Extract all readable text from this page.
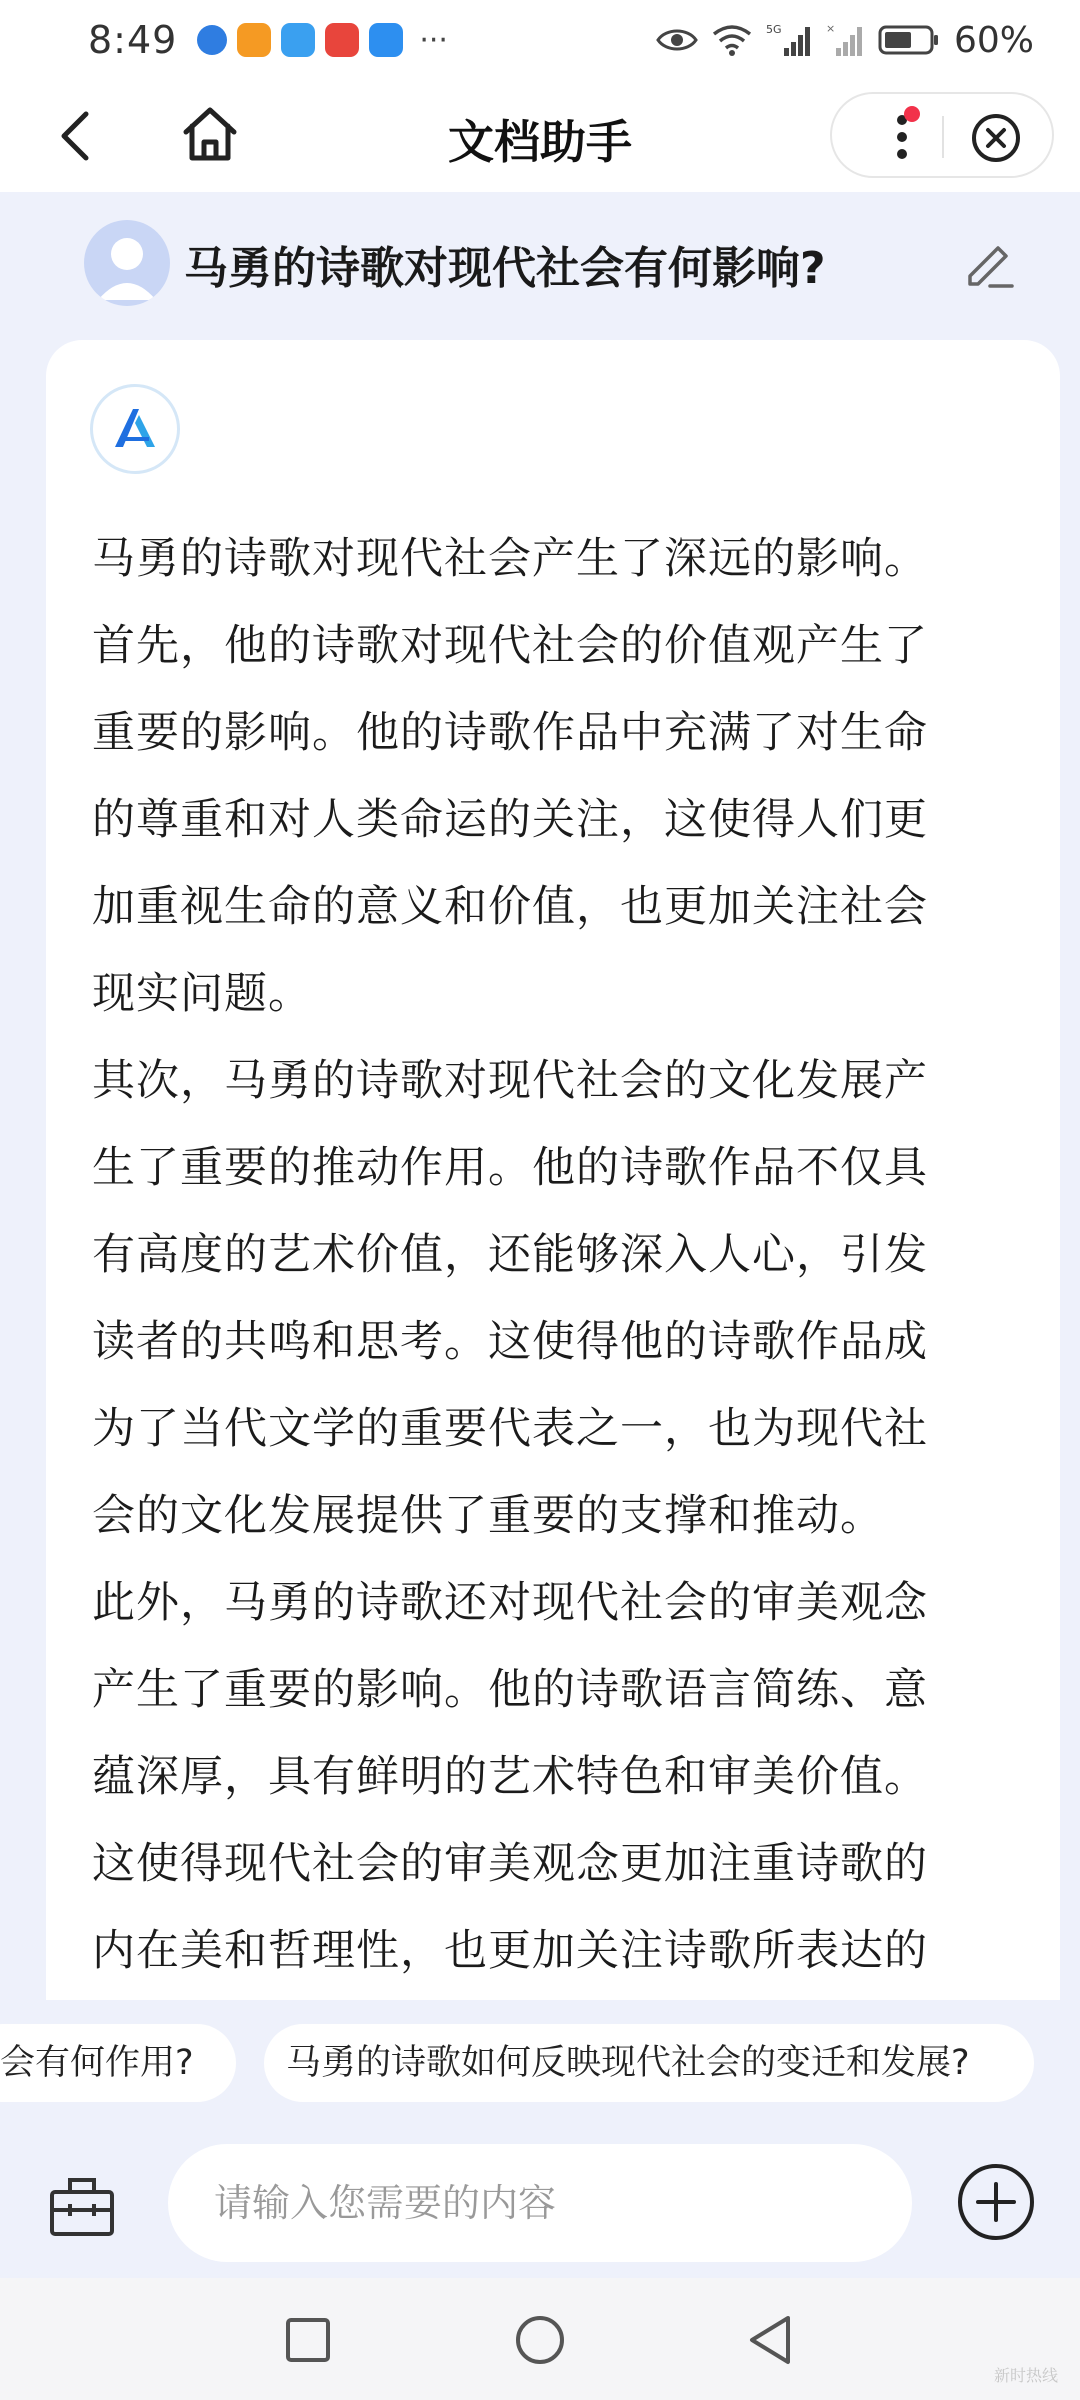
8:49	···	5G	×	60%
文档助手
马勇的诗歌对现代社会有何影响?
马勇的诗歌对现代社会产生了深远的影响。
首先，他的诗歌对现代社会的价值观产生了
重要的影响。他的诗歌作品中充满了对生命
的尊重和对人类命运的关注，这使得人们更
加重视生命的意义和价值，也更加关注社会
现实问题。
其次，马勇的诗歌对现代社会的文化发展产
生了重要的推动作用。他的诗歌作品不仅具
有高度的艺术价值，还能够深入人心，引发
读者的共鸣和思考。这使得他的诗歌作品成
为了当代文学的重要代表之一，也为现代社
会的文化发展提供了重要的支撑和推动。
此外，马勇的诗歌还对现代社会的审美观念
产生了重要的影响。他的诗歌语言简练、意
蕴深厚，具有鲜明的艺术特色和审美价值。
这使得现代社会的审美观念更加注重诗歌的
内在美和哲理性，也更加关注诗歌所表达的
会有何作用?	马勇的诗歌如何反映现代社会的变迁和发展?
请输入您需要的内容
新时热线
